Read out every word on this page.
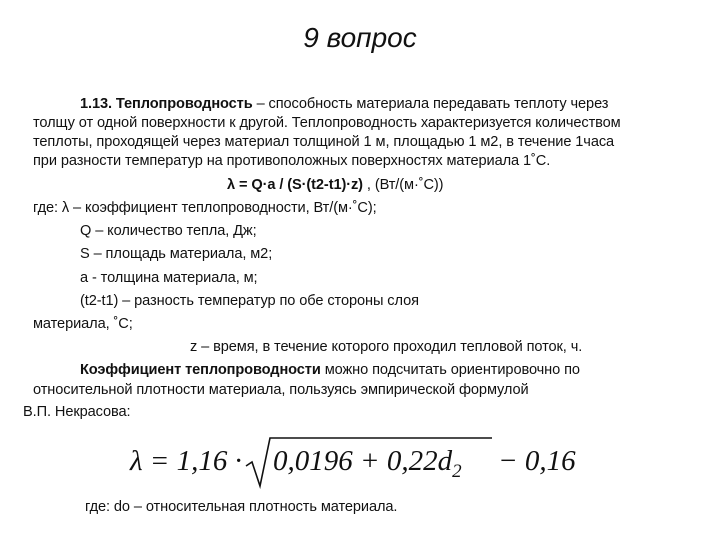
9 вопрос
1.13. Теплопроводность – способность материала передавать теплоту через
толщу от одной поверхности к другой. Теплопроводность характеризуется количеством
теплоты, проходящей через материал толщиной 1 м, площадью 1 м2, в течение 1часа
при разности температур на противоположных поверхностях материала 1˚С.
λ = Q·a / (S·(t2-t1)·z) , (Вт/(м·˚С))
где: λ – коэффициент теплопроводности, Вт/(м·˚С);
Q – количество тепла, Дж;
S – площадь материала, м2;
а - толщина материала, м;
(t2-t1) – разность температур по обе стороны слоя
материала, ˚С;
z – время, в течение которого проходил тепловой поток, ч.
Коэффициент теплопроводности можно подсчитать ориентировочно по
относительной плотности материала, пользуясь эмпирической формулой
В.П. Некрасова:
$\lambda = 1,16 \cdot 0,0196 + 0,22d_2 - 0,16$
где: do – относительная плотность материала.
